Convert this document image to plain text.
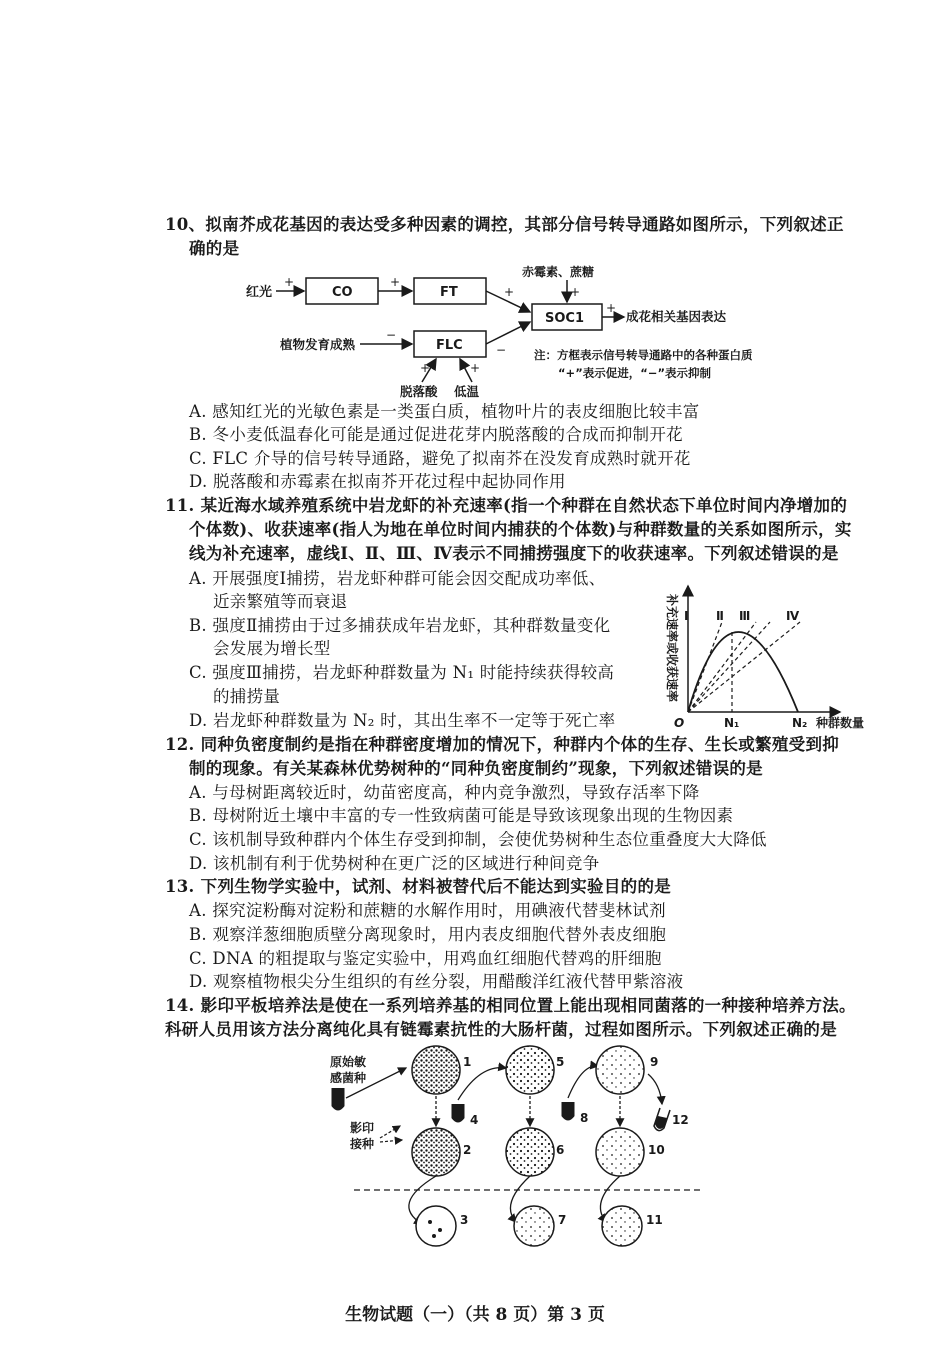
10、拟南芥成花基因的表达受多种因素的调控，其部分信号转导通路如图所示，下列叙述正
确的是
红光
+
CO
+
FT	+
赤霉素、蔗糖
+
SOC1
+
成花相关基因表达
植物发育成熟
−
FLC	−
+	+
脱落酸 低温
注：方框表示信号转导通路中的各种蛋白质
“+”表示促进，“−”表示抑制
A. 感知红光的光敏色素是一类蛋白质，植物叶片的表皮细胞比较丰富
B. 冬小麦低温春化可能是通过促进花芽内脱落酸的合成而抑制开花
C. FLC 介导的信号转导通路，避免了拟南芥在没发育成熟时就开花
D. 脱落酸和赤霉素在拟南芥开花过程中起协同作用
11. 某近海水域养殖系统中岩龙虾的补充速率(指一个种群在自然状态下单位时间内净增加的
个体数)、收获速率(指人为地在单位时间内捕获的个体数)与种群数量的关系如图所示，实
线为补充速率，虚线Ⅰ、Ⅱ、Ⅲ、Ⅳ表示不同捕捞强度下的收获速率。下列叙述错误的是
A. 开展强度Ⅰ捕捞，岩龙虾种群可能会因交配成功率低、
近亲繁殖等而衰退
B. 强度Ⅱ捕捞由于过多捕获成年岩龙虾，其种群数量变化
会发展为增长型
C. 强度Ⅲ捕捞，岩龙虾种群数量为 N₁ 时能持续获得较高
的捕捞量
D. 岩龙虾种群数量为 N₂ 时，其出生率不一定等于死亡率
补充速率或收获速率
O
Ⅰ Ⅱ Ⅲ	Ⅳ
N₁	N₂ 种群数量
12. 同种负密度制约是指在种群密度增加的情况下，种群内个体的生存、生长或繁殖受到抑
制的现象。有关某森林优势树种的“同种负密度制约”现象，下列叙述错误的是
A. 与母树距离较近时，幼苗密度高，种内竞争激烈，导致存活率下降
B. 母树附近土壤中丰富的专一性致病菌可能是导致该现象出现的生物因素
C. 该机制导致种群内个体生存受到抑制，会使优势树种生态位重叠度大大降低
D. 该机制有利于优势树种在更广泛的区域进行种间竞争
13. 下列生物学实验中，试剂、材料被替代后不能达到实验目的的是
A. 探究淀粉酶对淀粉和蔗糖的水解作用时，用碘液代替斐林试剂
B. 观察洋葱细胞质壁分离现象时，用内表皮细胞代替外表皮细胞
C. DNA 的粗提取与鉴定实验中，用鸡血红细胞代替鸡的肝细胞
D. 观察植物根尖分生组织的有丝分裂，用醋酸洋红液代替甲紫溶液
14. 影印平板培养法是使在一系列培养基的相同位置上能出现相同菌落的一种接种培养方法。
科研人员用该方法分离纯化具有链霉素抗性的大肠杆菌，过程如图所示。下列叙述正确的是
原始敏
感菌种
影印
接种
1
2
3
4
5
6
7
8
9
10
11
12
生物试题（一）（共 8 页）第 3 页
